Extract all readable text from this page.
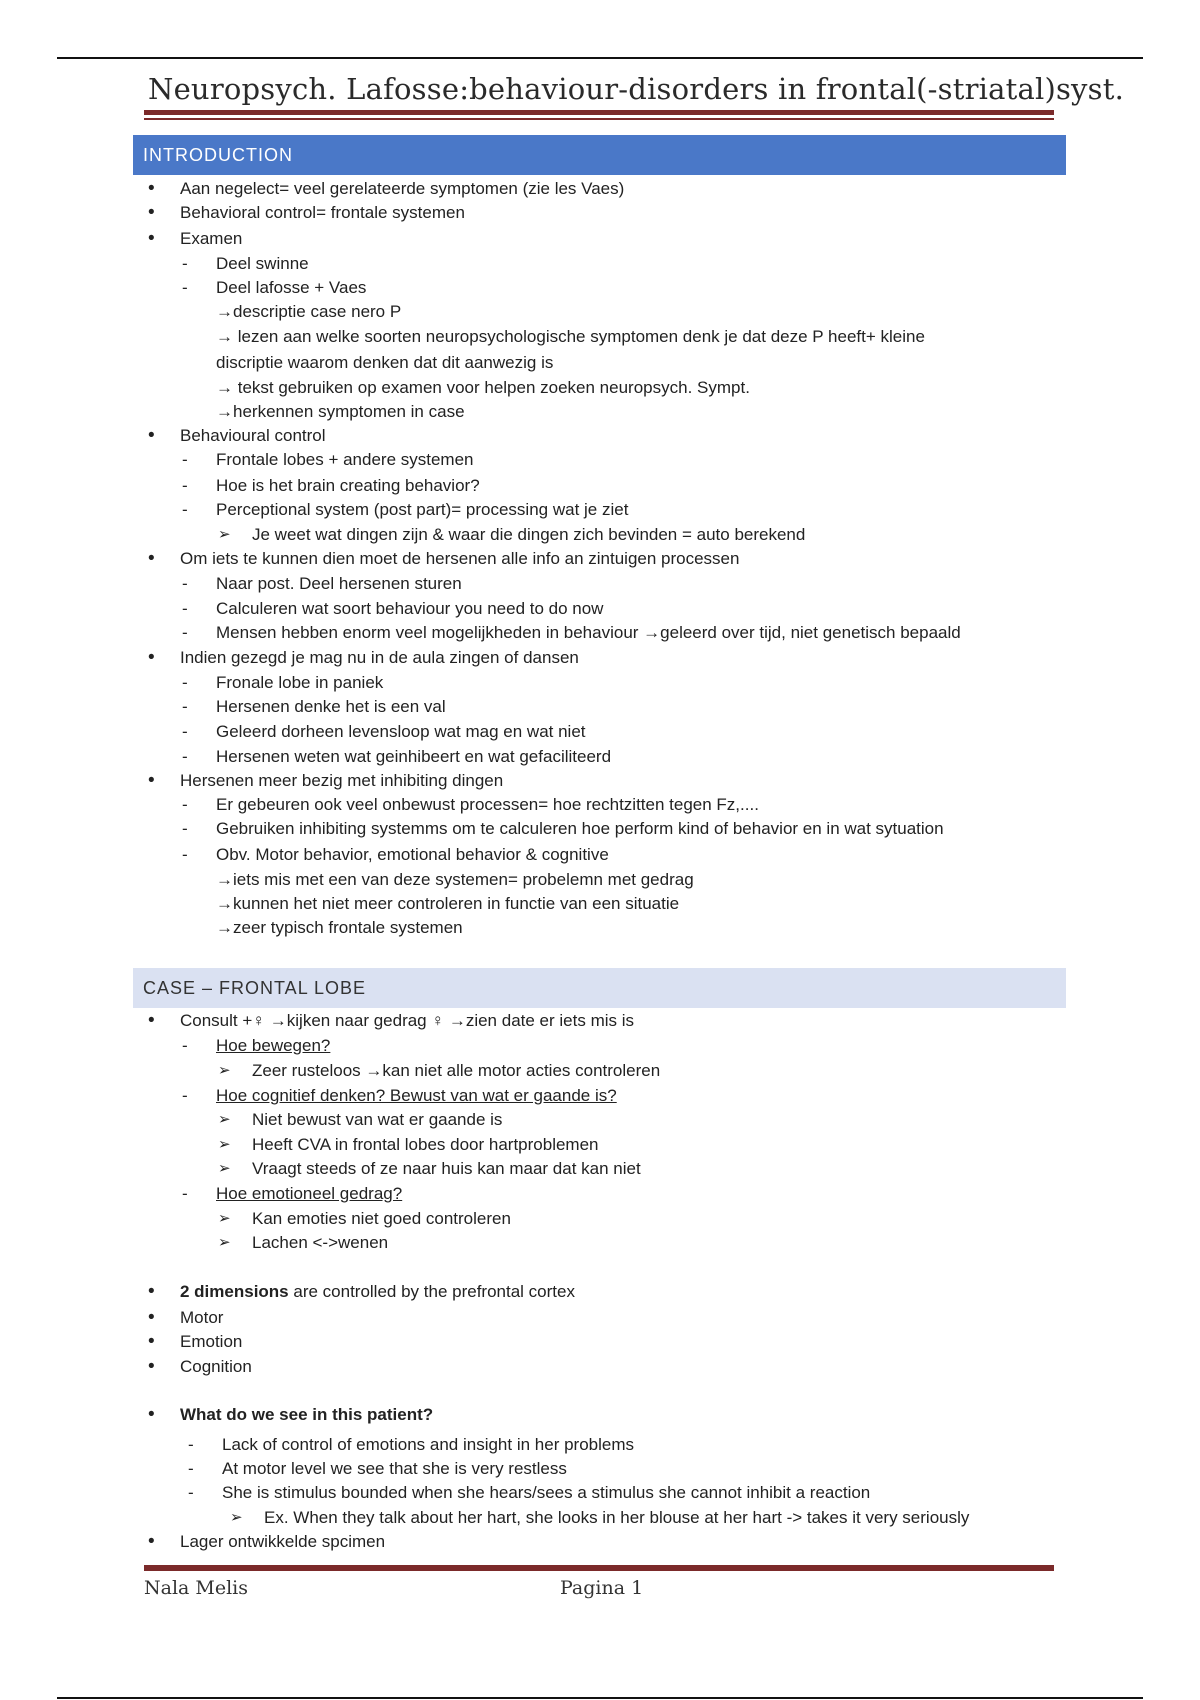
Neuropsych. Lafosse:behaviour-disorders in frontal(-striatal)syst.
INTRODUCTION
• Aan negelect= veel gerelateerde symptomen (zie les Vaes)
• Behavioral control= frontale systemen
• Examen
- Deel swinne
- Deel lafosse + Vaes
→descriptie case nero P
→ lezen aan welke soorten neuropsychologische symptomen denk je dat deze P heeft+ kleine
discriptie waarom denken dat dit aanwezig is
→ tekst gebruiken op examen voor helpen zoeken neuropsych. Sympt.
→herkennen symptomen in case
• Behavioural control
- Frontale lobes + andere systemen
- Hoe is het brain creating behavior?
- Perceptional system (post part)= processing wat je ziet
➢ Je weet wat dingen zijn & waar die dingen zich bevinden = auto berekend
• Om iets te kunnen dien moet de hersenen alle info an zintuigen processen
- Naar post. Deel hersenen sturen
- Calculeren wat soort behaviour you need to do now
- Mensen hebben enorm veel mogelijkheden in behaviour →geleerd over tijd, niet genetisch bepaald
• Indien gezegd je mag nu in de aula zingen of dansen
- Fronale lobe in paniek
- Hersenen denke het is een val
- Geleerd dorheen levensloop wat mag en wat niet
- Hersenen weten wat geinhibeert en wat gefaciliteerd
• Hersenen meer bezig met inhibiting dingen
- Er gebeuren ook veel onbewust processen= hoe rechtzitten tegen Fz,....
- Gebruiken inhibiting systemms om te calculeren hoe perform kind of behavior en in wat sytuation
- Obv. Motor behavior, emotional behavior & cognitive
→iets mis met een van deze systemen= probelemn met gedrag
→kunnen het niet meer controleren in functie van een situatie
→zeer typisch frontale systemen
CASE – FRONTAL LOBE
• Consult +♀ →kijken naar gedrag ♀ →zien date er iets mis is
- Hoe bewegen?
➢ Zeer rusteloos →kan niet alle motor acties controleren
- Hoe cognitief denken? Bewust van wat er gaande is?
➢ Niet bewust van wat er gaande is
➢ Heeft CVA in frontal lobes door hartproblemen
➢ Vraagt steeds of ze naar huis kan maar dat kan niet
- Hoe emotioneel gedrag?
➢ Kan emoties niet goed controleren
➢ Lachen <->wenen
• 2 dimensions are controlled by the prefrontal cortex
• Motor
• Emotion
• Cognition
• What do we see in this patient?
- Lack of control of emotions and insight in her problems
- At motor level we see that she is very restless
- She is stimulus bounded when she hears/sees a stimulus she cannot inhibit a reaction
➢ Ex. When they talk about her hart, she looks in her blouse at her hart -> takes it very seriously
• Lager ontwikkelde spcimen
Nala Melis	Pagina 1
